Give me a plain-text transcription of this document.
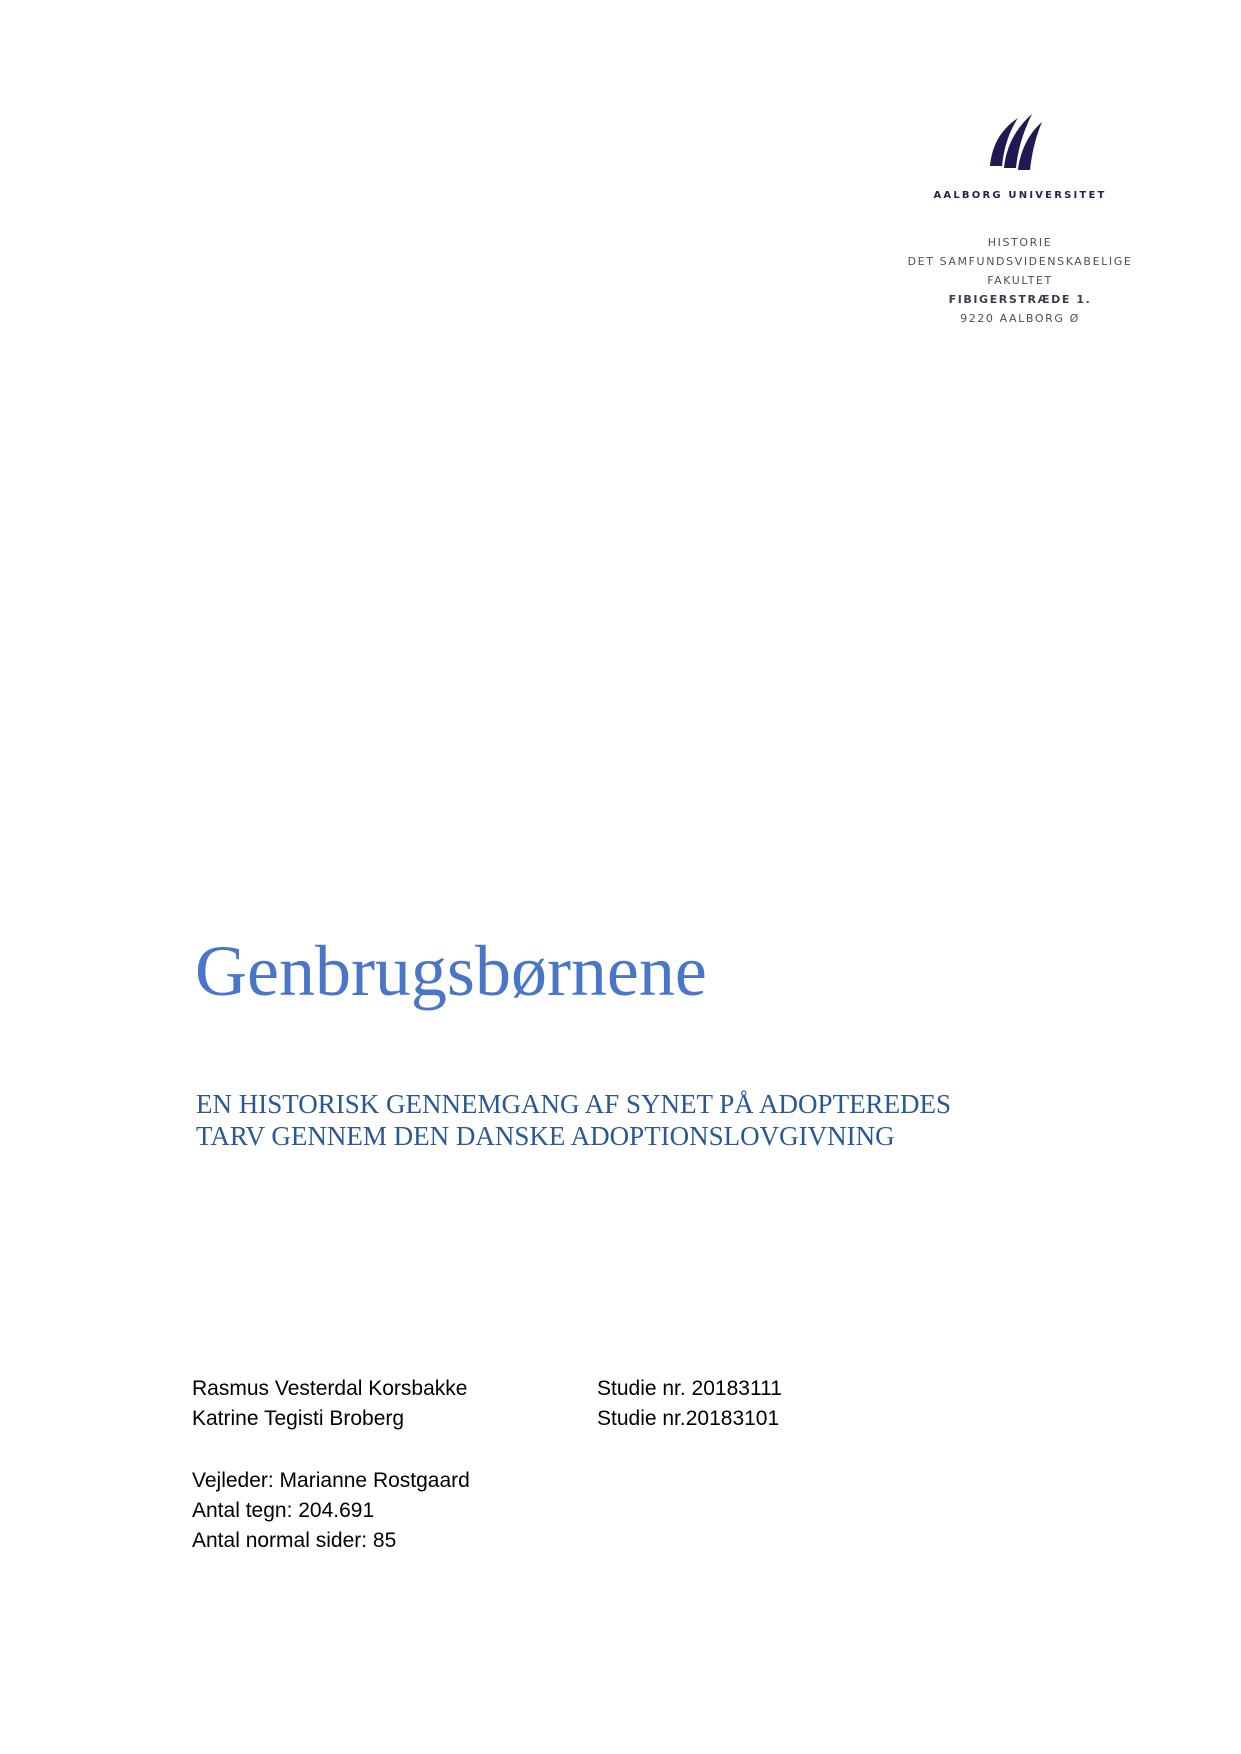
AALBORG UNIVERSITET
HISTORIE
DET SAMFUNDSVIDENSKABELIGE
FAKULTET
FIBIGERSTRÆDE 1.
9220 AALBORG Ø
Genbrugsbørnene
EN HISTORISK GENNEMGANG AF SYNET PÅ ADOPTEREDES
TARV GENNEM DEN DANSKE ADOPTIONSLOVGIVNING
Rasmus Vesterdal Korsbakke	Studie nr. 20183111
Katrine Tegisti Broberg	Studie nr.20183101
Vejleder: Marianne Rostgaard
Antal tegn: 204.691
Antal normal sider: 85
